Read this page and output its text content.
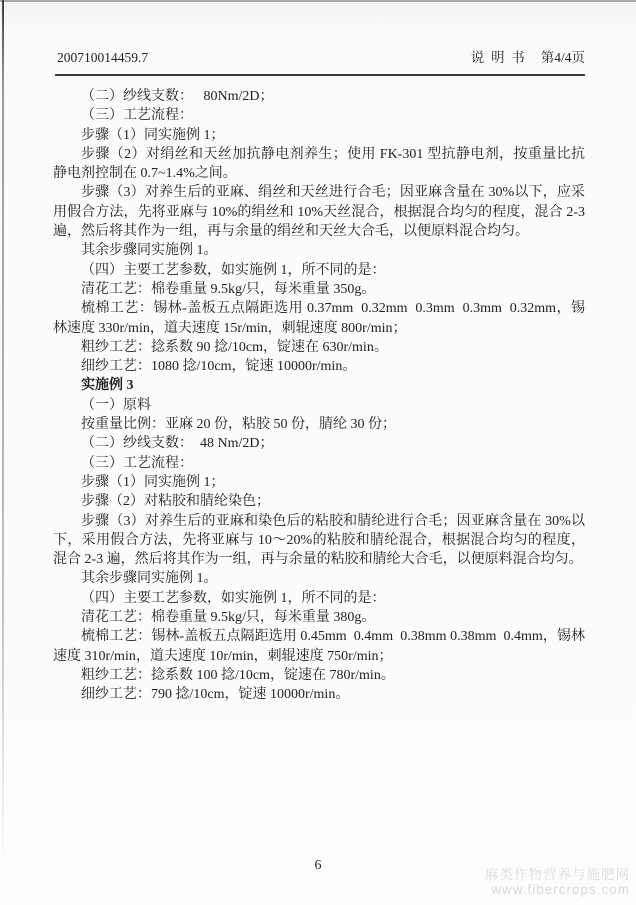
200710014459.7	说  明  书 第4/4页

（二）纱线支数：   80Nm/2D；

（三）工艺流程：

步骤（1）同实施例 1；

步骤（2）对绢丝和天丝加抗静电剂养生；使用 FK-301 型抗静电剂，按重量比抗静电剂控制在 0.7~1.4%之间。

步骤（3）对养生后的亚麻、绢丝和天丝进行合毛；因亚麻含量在 30%以下，应采用假合方法，先将亚麻与 10%的绢丝和 10%天丝混合，根据混合均匀的程度，混合 2-3 遍，然后将其作为一组，再与余量的绢丝和天丝大合毛，以便原料混合均匀。

其余步骤同实施例 1。

（四）主要工艺参数，如实施例 1，所不同的是：

清花工艺：棉卷重量 9.5kg/只，每米重量 350g。

梳棉工艺：锡林-盖板五点隔距选用 0.37mm  0.32mm  0.3mm  0.3mm  0.32mm，锡林速度 330r/min，道夫速度 15r/min，刺辊速度 800r/min；

粗纱工艺：捻系数 90 捻/10cm，锭速在 630r/min。

细纱工艺：1080 捻/10cm，锭速 10000r/min。

实施例 3

（一）原料

按重量比例：亚麻 20 份，粘胶 50 份，腈纶 30 份；

（二）纱线支数：  48 Nm/2D；

（三）工艺流程：

步骤（1）同实施例 1；

步骤（2）对粘胶和腈纶染色；

步骤（3）对养生后的亚麻和染色后的粘胶和腈纶进行合毛；因亚麻含量在 30%以下，采用假合方法，先将亚麻与 10～20%的粘胶和腈纶混合，根据混合均匀的程度，混合 2-3 遍，然后将其作为一组，再与余量的粘胶和腈纶大合毛，以便原料混合均匀。

其余步骤同实施例 1。

（四）主要工艺参数，如实施例 1，所不同的是：

清花工艺：棉卷重量 9.5kg/只，每米重量 380g。

梳棉工艺：锡林-盖板五点隔距选用 0.45mm  0.4mm  0.38mm 0.38mm  0.4mm，锡林速度 310r/min，道夫速度 10r/min，刺辊速度 750r/min；

粗纱工艺：捻系数 100 捻/10cm，锭速在 780r/min。

细纱工艺：790 捻/10cm，锭速 10000r/min。

6
麻类作物营养与施肥网
www.fibercrops.com
